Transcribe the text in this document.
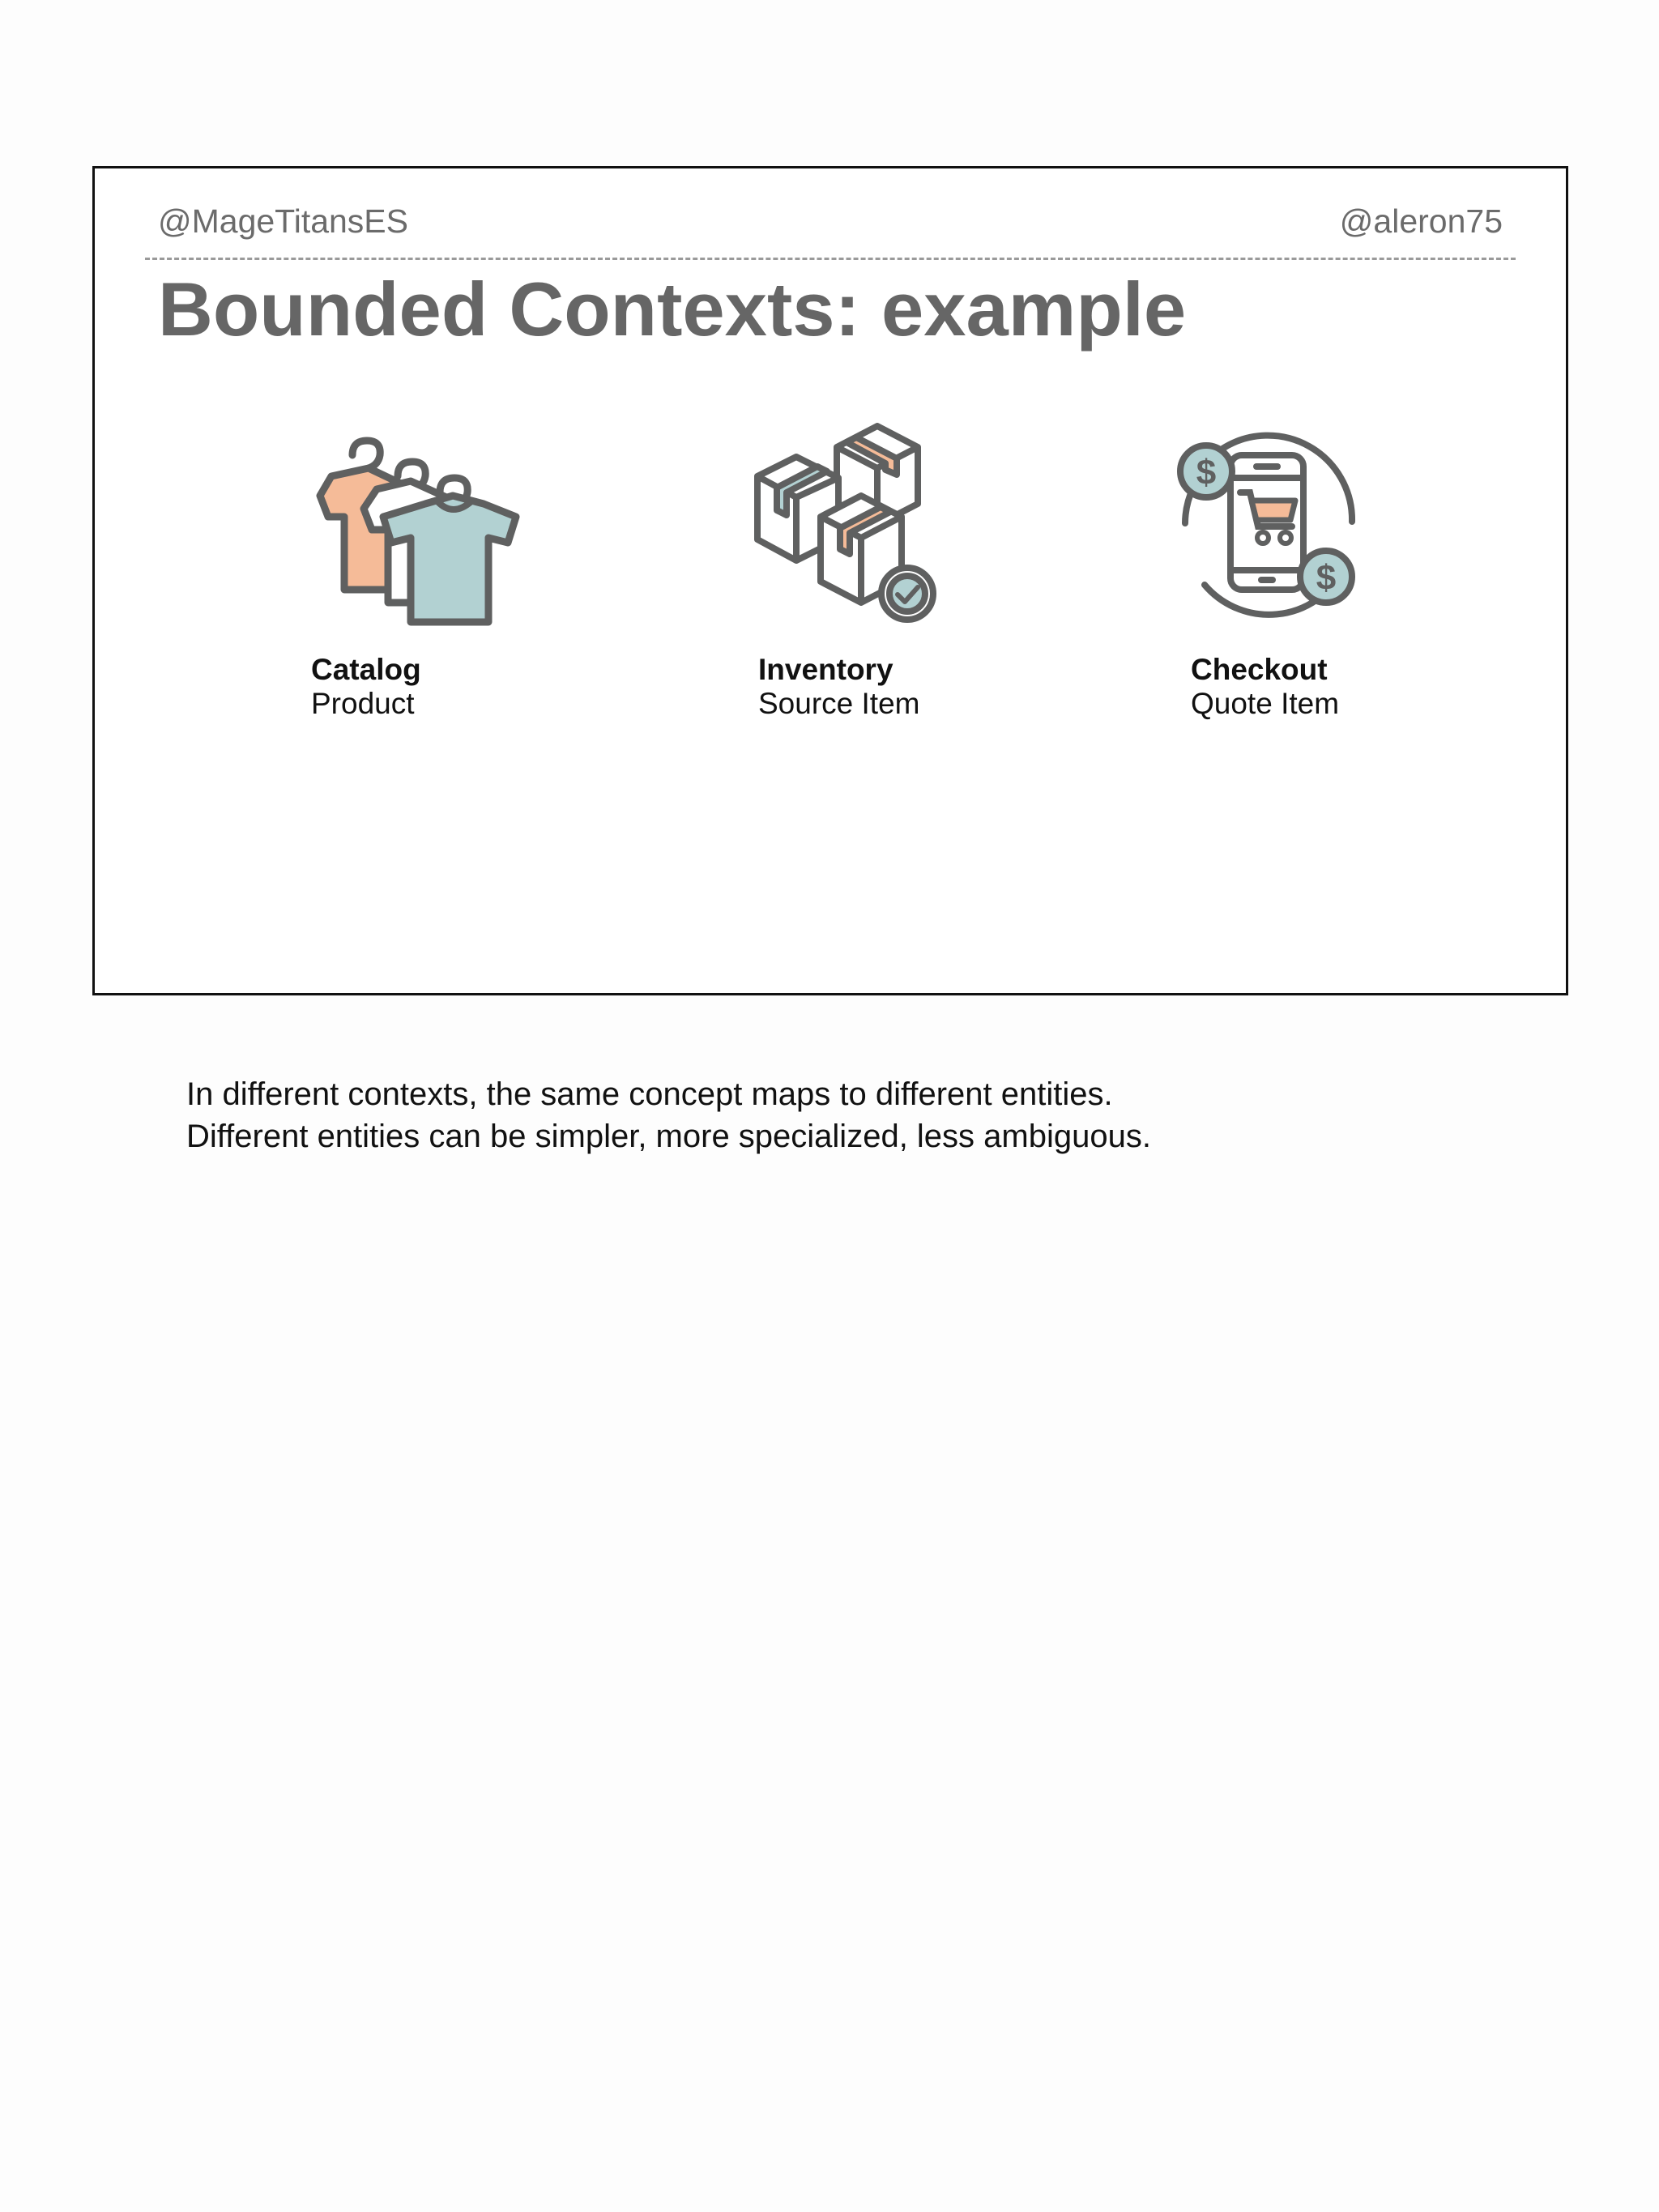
@MageTitansES	@aleron75
Bounded Contexts: example
Catalog
Product
Inventory
Source Item
$
$
Checkout
Quote Item
In different contexts, the same concept maps to different entities.
Different entities can be simpler, more specialized, less ambiguous.
